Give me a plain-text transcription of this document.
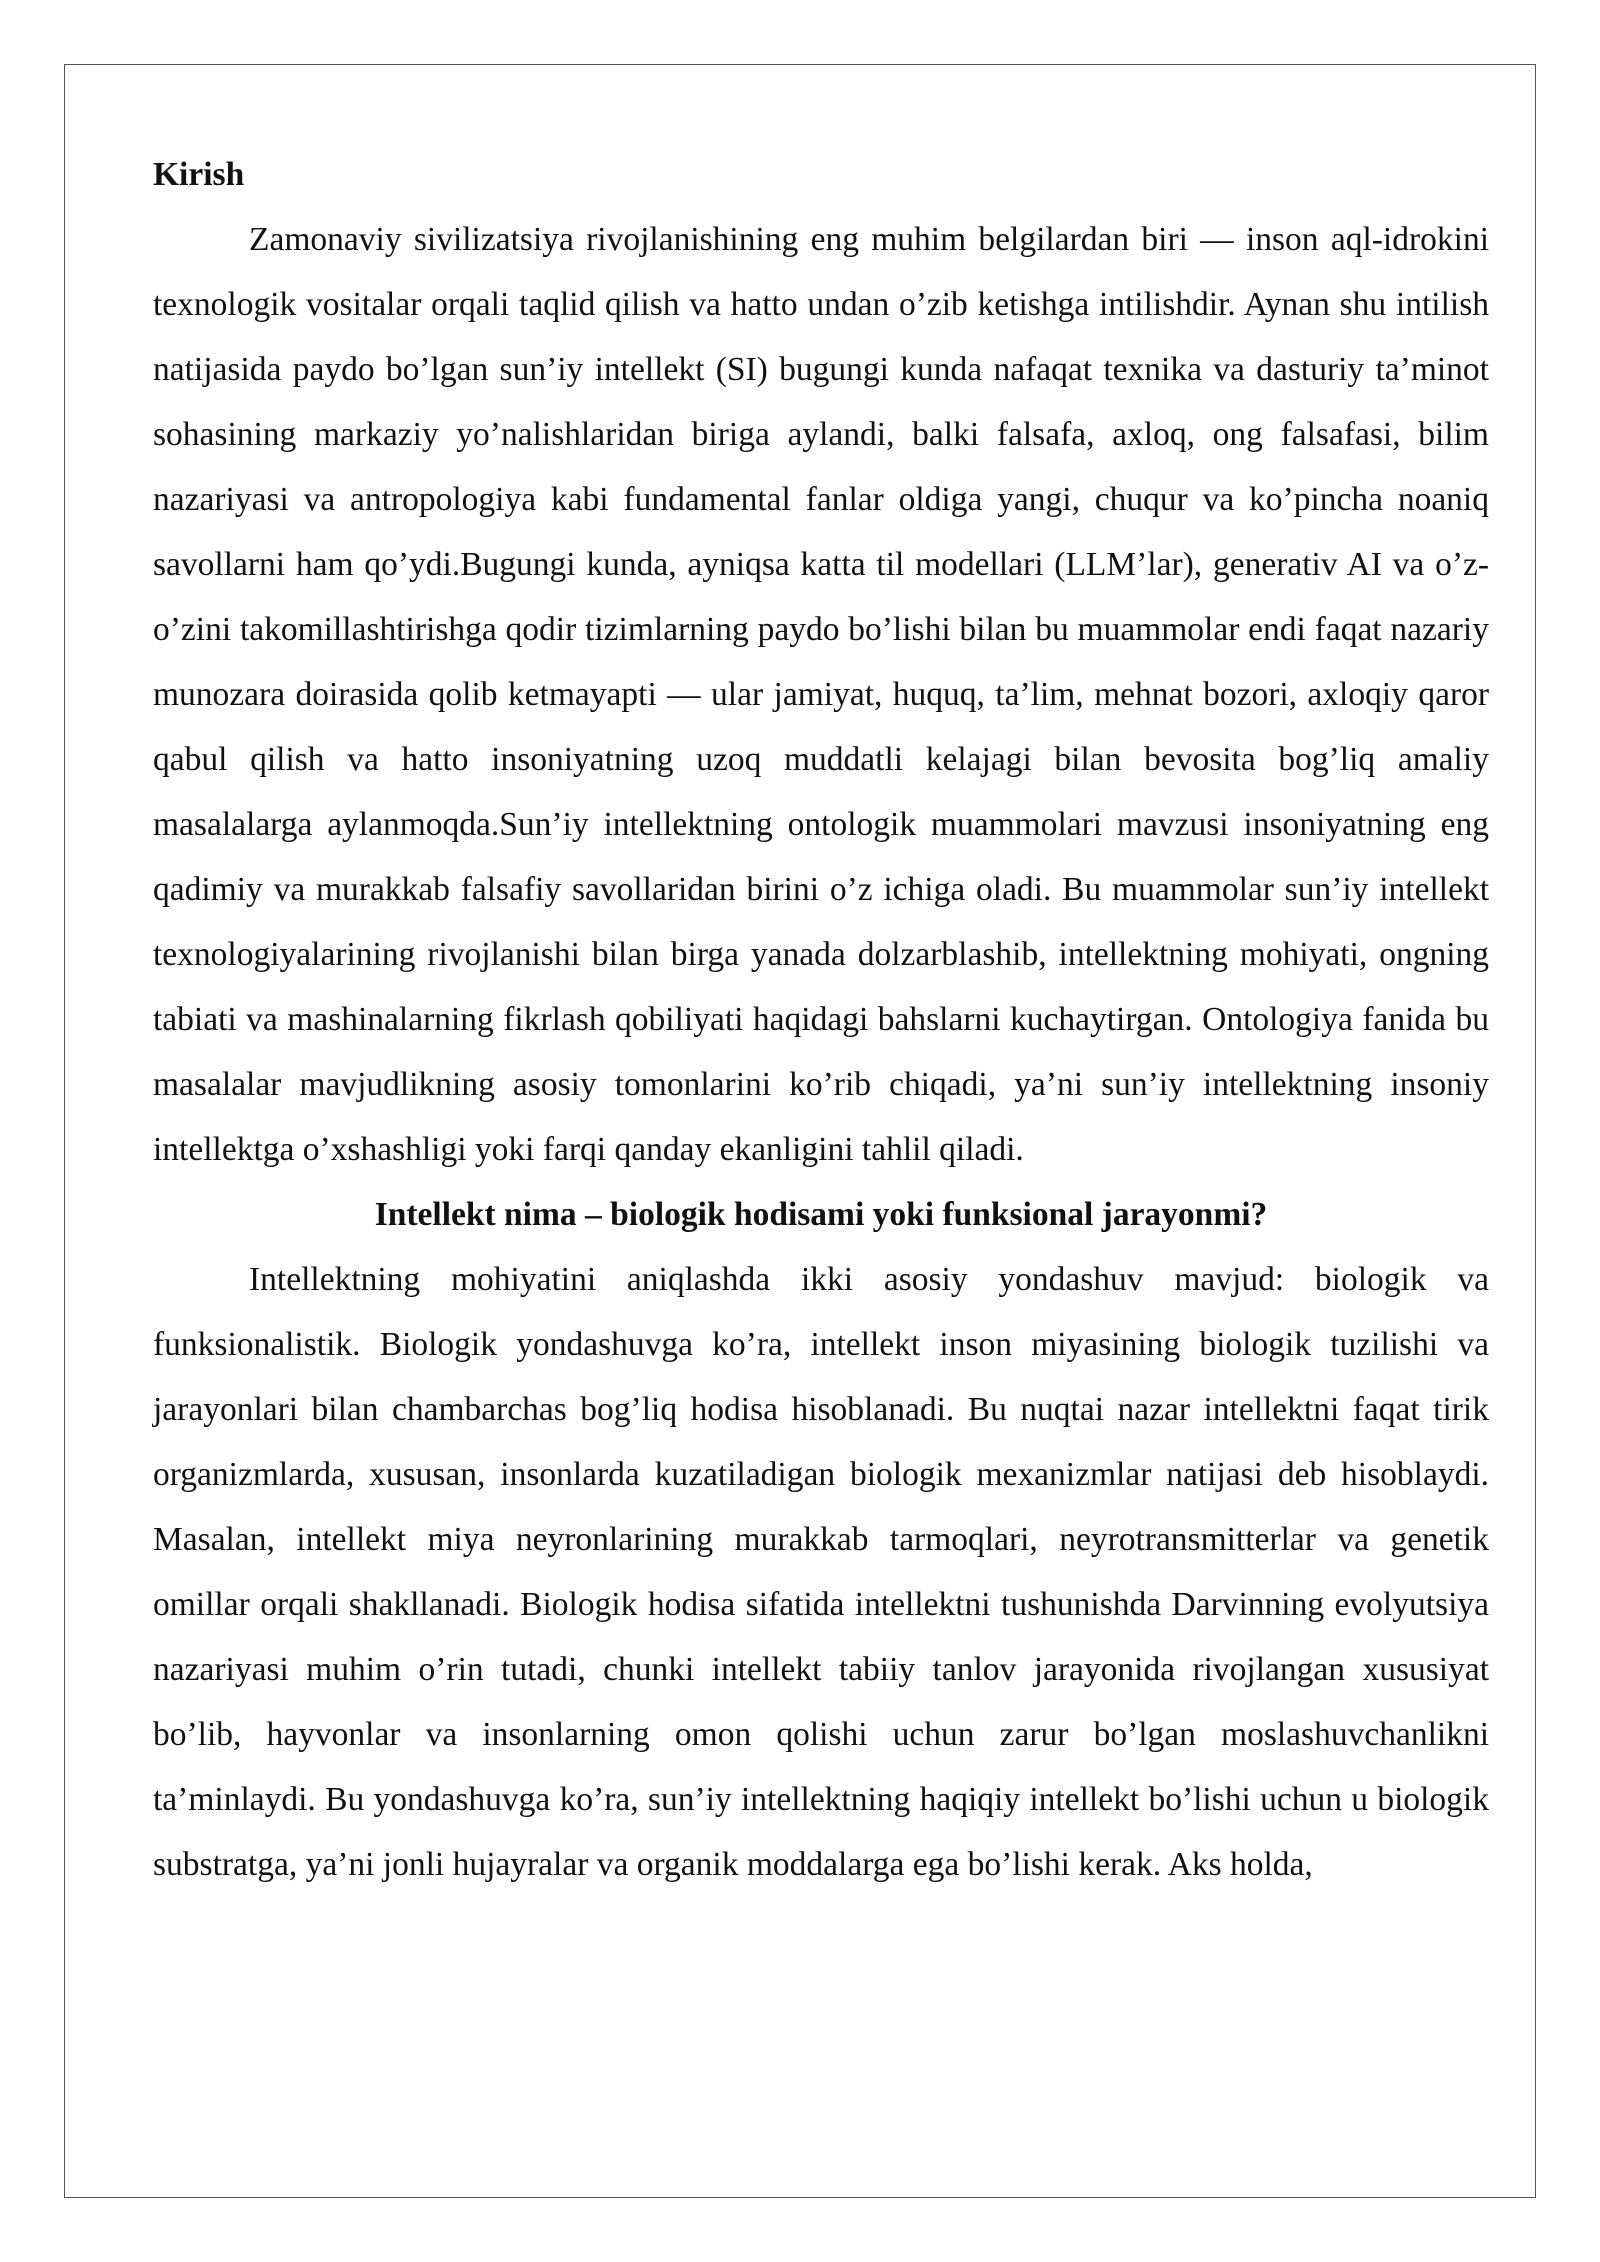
Kirish

Zamonaviy sivilizatsiya rivojlanishining eng muhim belgilardan biri — inson aql-idrokini texnologik vositalar orqali taqlid qilish va hatto undan o’zib ketishga intilishdir. Aynan shu intilish natijasida paydo bo’lgan sun’iy intellekt (SI) bugungi kunda nafaqat texnika va dasturiy ta’minot sohasining markaziy yo’nalishlaridan biriga aylandi, balki falsafa, axloq, ong falsafasi, bilim nazariyasi va antropologiya kabi fundamental fanlar oldiga yangi, chuqur va ko’pincha noaniq savollarni ham qo’ydi.Bugungi kunda, ayniqsa katta til modellari (LLM’lar), generativ AI va o’z-o’zini takomillashtirishga qodir tizimlarning paydo bo’lishi bilan bu muammolar endi faqat nazariy munozara doirasida qolib ketmayapti — ular jamiyat, huquq, ta’lim, mehnat bozori, axloqiy qaror qabul qilish va hatto insoniyatning uzoq muddatli kelajagi bilan bevosita bog’liq amaliy masalalarga aylanmoqda.Sun’iy intellektning ontologik muammolari mavzusi insoniyatning eng qadimiy va murakkab falsafiy savollaridan birini o’z ichiga oladi. Bu muammolar sun’iy intellekt texnologiyalarining rivojlanishi bilan birga yanada dolzarblashib, intellektning mohiyati, ongning tabiati va mashinalarning fikrlash qobiliyati haqidagi bahslarni kuchaytirgan. Ontologiya fanida bu masalalar mavjudlikning asosiy tomonlarini ko’rib chiqadi, ya’ni sun’iy intellektning insoniy intellektga o’xshashligi yoki farqi qanday ekanligini tahlil qiladi.

Intellekt nima – biologik hodisami yoki funksional jarayonmi?

Intellektning mohiyatini aniqlashda ikki asosiy yondashuv mavjud: biologik va funksionalistik. Biologik yondashuvga ko’ra, intellekt inson miyasining biologik tuzilishi va jarayonlari bilan chambarchas bog’liq hodisa hisoblanadi. Bu nuqtai nazar intellektni faqat tirik organizmlarda, xususan, insonlarda kuzatiladigan biologik mexanizmlar natijasi deb hisoblaydi. Masalan, intellekt miya neyronlarining murakkab tarmoqlari, neyrotransmitterlar va genetik omillar orqali shakllanadi. Biologik hodisa sifatida intellektni tushunishda Darvinning evolyutsiya nazariyasi muhim o’rin tutadi, chunki intellekt tabiiy tanlov jarayonida rivojlangan xususiyat bo’lib, hayvonlar va insonlarning omon qolishi uchun zarur bo’lgan moslashuvchanlikni ta’minlaydi. Bu yondashuvga ko’ra, sun’iy intellektning haqiqiy intellekt bo’lishi uchun u biologik substratga, ya’ni jonli hujayralar va organik moddalarga ega bo’lishi kerak. Aks holda,
